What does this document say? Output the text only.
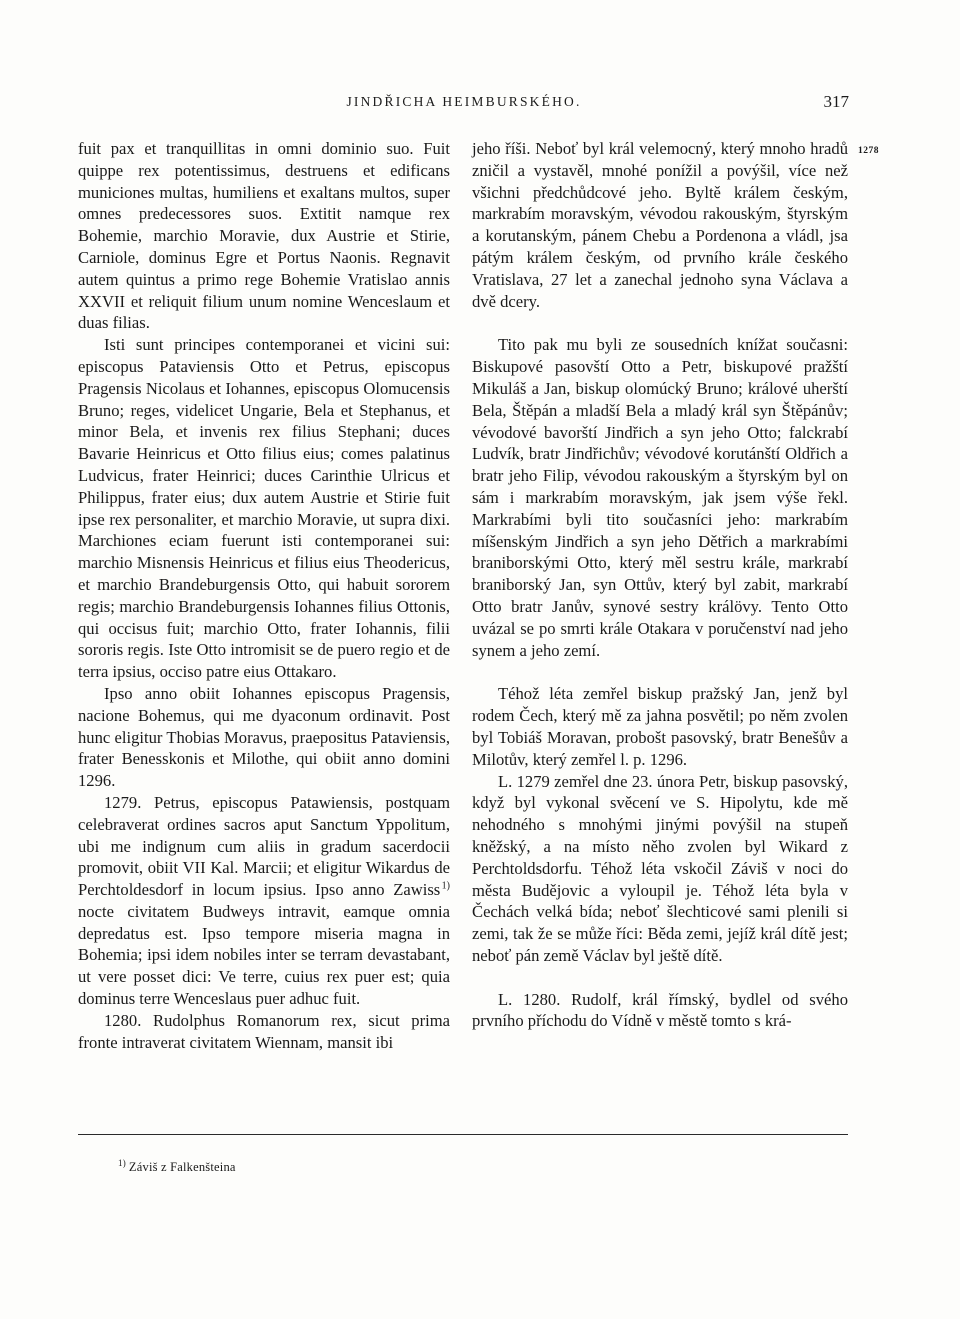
JINDŘICHA HEIMBURSKÉHO.	317

fuit pax et tranquillitas in omni dominio suo. Fuit quippe rex potentissimus, destruens et edificans municiones multas, humiliens et exaltans multos, super omnes predecessores suos. Extitit namque rex Bohemie, marchio Moravie, dux Austrie et Stirie, Carniole, dominus Egre et Portus Naonis. Regnavit autem quintus a primo rege Bohemie Vratislao annis XXVII et reliquit filium unum nomine Wenceslaum et duas filias.

Isti sunt principes contemporanei et vicini sui: episcopus Pataviensis Otto et Petrus, episcopus Pragensis Nicolaus et Iohannes, episcopus Olomucensis Bruno; reges, videlicet Ungarie, Bela et Stephanus, et minor Bela, et invenis rex filius Stephani; duces Bavarie Heinricus et Otto filius eius; comes palatinus Ludvicus, frater Heinrici; duces Carinthie Ulricus et Philippus, frater eius; dux autem Austrie et Stirie fuit ipse rex personaliter, et marchio Moravie, ut supra dixi. Marchiones eciam fuerunt isti contemporanei sui: marchio Misnensis Heinricus et filius eius Theodericus, et marchio Brandeburgensis Otto, qui habuit sororem regis; marchio Brandeburgensis Iohannes filius Ottonis, qui occisus fuit; marchio Otto, frater Iohannis, filii sororis regis. Iste Otto intromisit se de puero regio et de terra ipsius, occiso patre eius Ottakaro.

Ipso anno obiit Iohannes episcopus Pragensis, nacione Bohemus, qui me dyaconum ordinavit. Post hunc eligitur Thobias Moravus, praepositus Pataviensis, frater Benesskonis et Milothe, qui obiit anno domini 1296.

1279. Petrus, episcopus Patawiensis, postquam celebraverat ordines sacros aput Sanctum Yppolitum, ubi me indignum cum aliis in gradum sacerdocii promovit, obiit VII Kal. Marcii; et eligitur Wikardus de Perchtoldesdorf in locum ipsius. Ipso anno Zawiss $^{1)}$ nocte civitatem Budweys intravit, eamque omnia depredatus est. Ipso tempore miseria magna in Bohemia; ipsi idem nobiles inter se terram devastabant, ut vere posset dici: Ve terre, cuius rex puer est; quia dominus terre Wenceslaus puer adhuc fuit.

1280. Rudolphus Romanorum rex, sicut prima fronte intraverat civitatem Wiennam, mansit ibi

1278

jeho říši. Neboť byl král velemocný, který mnoho hradů zničil a vystavěl, mnohé ponížil a povýšil, více než všichni předchůdcové jeho. Byltě králem českým, markrabím moravským, vévodou rakouským, štyrským a korutanským, pánem Chebu a Pordenona a vládl, jsa pátým králem českým, od prvního krále českého Vratislava, 27 let a zanechal jednoho syna Václava a dvě dcery.

Tito pak mu byli ze sousedních knížat současni: Biskupové pasovští Otto a Petr, biskupové pražští Mikuláš a Jan, biskup olomúcký Bruno; králové uherští Bela, Štěpán a mladší Bela a mladý král syn Štěpánův; vévodové bavorští Jindřich a syn jeho Otto; falckrabí Ludvík, bratr Jindřichův; vévodové korutánští Oldřich a bratr jeho Filip, vévodou rakouským a štyrským byl on sám i markrabím moravským, jak jsem výše řekl. Markrabími byli tito současníci jeho: markrabím míšenským Jindřich a syn jeho Dětřich a markrabími braniborskými Otto, který měl sestru krále, markrabí braniborský Jan, syn Ottův, který byl zabit, markrabí Otto bratr Janův, synové sestry králövy. Tento Otto uvázal se po smrti krále Otakara v poručenství nad jeho synem a jeho zemí.

Téhož léta zemřel biskup pražský Jan, jenž byl rodem Čech, který mě za jahna posvětil; po něm zvolen byl Tobiáš Moravan, probošt pasovský, bratr Benešův a Milotův, který zemřel l. p. 1296.

L. 1279 zemřel dne 23. února Petr, biskup pasovský, když byl vykonal svěcení ve S. Hipolytu, kde mě nehodného s mnohými jinými povýšil na stupeň kněžský, a na místo něho zvolen byl Wikard z Perchtoldsdorfu. Téhož léta vskočil Záviš v noci do města Budějovic a vyloupil je. Téhož léta byla v Čechách velká bída; neboť šlechticové sami plenili si zemi, tak že se může říci: Běda zemi, jejíž král dítě jest; neboť pán země Václav byl ještě dítě.

L. 1280. Rudolf, král římský, bydlel od svého prvního příchodu do Vídně v městě tomto s krá-

$^{1)}$ Záviš z Falkenšteina
